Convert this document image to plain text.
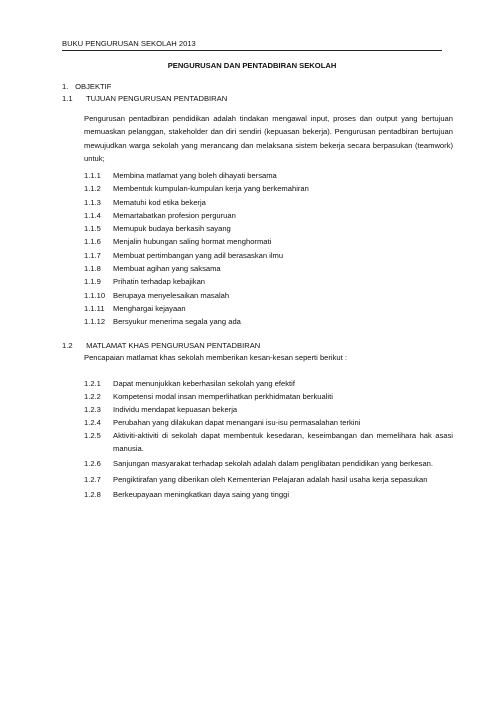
BUKU PENGURUSAN SEKOLAH 2013
PENGURUSAN DAN PENTADBIRAN SEKOLAH
1. OBJEKTIF
1.1 TUJUAN PENGURUSAN PENTADBIRAN
Pengurusan pentadbiran pendidikan adalah tindakan mengawal input, proses dan output yang bertujuan memuaskan pelanggan, stakeholder dan diri sendiri (kepuasan bekerja). Pengurusan pentadbiran bertujuan mewujudkan warga sekolah yang merancang dan melaksana sistem bekerja secara berpasukan (teamwork) untuk;
1.1.1	Membina matlamat yang boleh dihayati bersama
1.1.2	Membentuk kumpulan-kumpulan kerja yang berkemahiran
1.1.3	Mematuhi kod etika bekerja
1.1.4	Memartabatkan profesion perguruan
1.1.5	Memupuk budaya berkasih sayang
1.1.6	Menjalin hubungan saling hormat menghormati
1.1.7	Membuat pertimbangan yang adil berasaskan ilmu
1.1.8	Membuat agihan yang saksama
1.1.9	Prihatin terhadap kebajikan
1.1.10	Berupaya menyelesaikan masalah
1.1.11	Menghargai kejayaan
1.1.12	Bersyukur menerima segala yang ada
1.2 MATLAMAT KHAS PENGURUSAN PENTADBIRAN
Pencapaian matlamat khas sekolah memberikan kesan-kesan seperti berikut :
1.2.1	Dapat menunjukkan keberhasilan sekolah yang efektif
1.2.2	Kompetensi modal insan memperlihatkan perkhidmatan berkualiti
1.2.3	Individu mendapat kepuasan bekerja
1.2.4	Perubahan yang dilakukan dapat menangani isu-isu permasalahan terkini
1.2.5	Aktiviti-aktiviti di sekolah dapat membentuk kesedaran, keseimbangan dan memelihara hak asasi manusia.
1.2.6	Sanjungan masyarakat terhadap sekolah adalah dalam penglibatan pendidikan yang berkesan.
1.2.7	Pengiktirafan yang diberikan oleh Kementerian Pelajaran adalah hasil usaha kerja sepasukan
1.2.8	Berkeupayaan meningkatkan daya saing yang tinggi
